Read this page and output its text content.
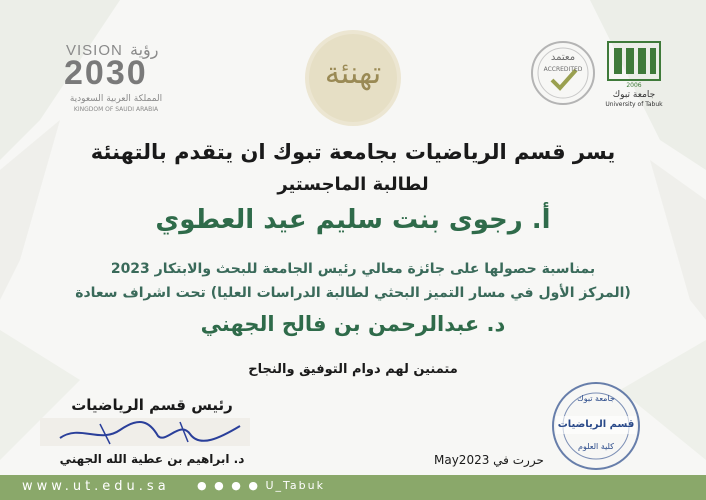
VISION رؤية
2030
المملكة العربية السعودية
KINGDOM OF SAUDI ARABIA
تهنئة	معتمد
ACCREDITED
2006
جامعة تبوك
University of Tabuk
يسر قسم الرياضيات بجامعة تبوك ان يتقدم بالتهنئة
لطالبة الماجستير
أ. رجوى بنت سليم عيد العطوي
بمناسبة حصولها على جائزة معالي رئيس الجامعة للبحث والابتكار 2023
(المركز الأول في مسار التميز البحثي لطالبة الدراسات العليا) تحت اشراف سعادة
د. عبدالرحمن بن فالح الجهني
متمنين لهم دوام التوفيق والنجاح
رئيس قسم الرياضيات
د. ابراهيم بن عطية الله الجهني	حررت في May2023
جامعة تبوك
قسم الرياضيات
كلية العلوم
www.ut.edu.sa ● ● ● ● U_Tabuk
